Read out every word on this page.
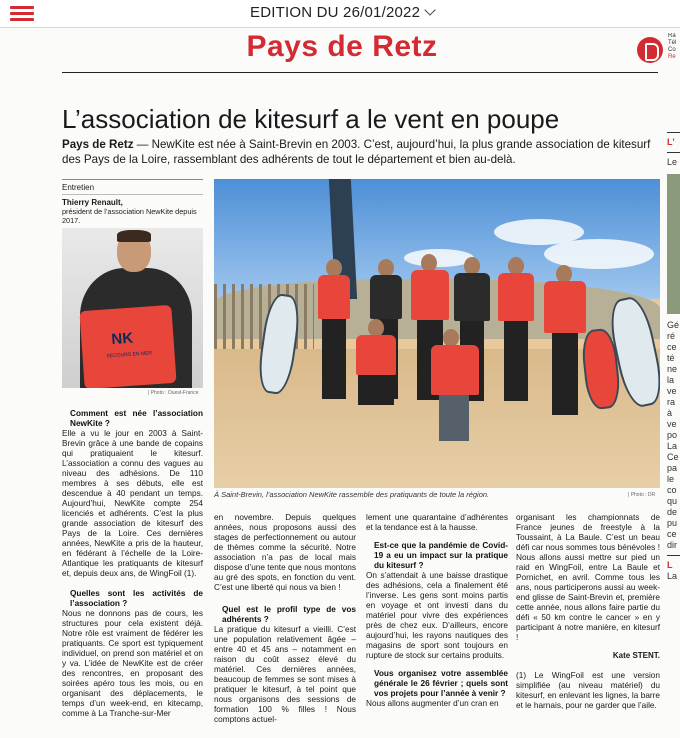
EDITION DU 26/01/2022
Pays de Retz	Rá
Tél
Co
Re
L’association de kitesurf a le vent en poupe
Pays de Retz — NewKite est née à Saint-Brevin en 2003. C’est, aujourd’hui, la plus grande association de kitesurf des Pays de la Loire, rassemblant des adhérents de tout le département et bien au-delà.
Entretien
Thierry Renault,
président de l’association NewKite depuis 2017.
NK
SECOURS EN MER
| Photo : Ouest-France
| Photo : DR
À Saint-Brevin, l’association NewKite rassemble des pratiquants de toute la région.

Comment est née l’association NewKite ?

Elle a vu le jour en 2003 à Saint-Brevin grâce à une bande de copains qui pratiquaient le kitesurf. L’association a connu des vagues au niveau des adhésions. De 110 membres à ses débuts, elle est descendue à 40 pendant un temps. Aujourd’hui, NewKite compte 254 licenciés et adhérents. C’est la plus grande association de kitesurf des Pays de la Loire. Ces dernières années, NewKite a pris de la hauteur, en fédérant à l’échelle de la Loire-Atlantique les pratiquants de kitesurf et, depuis deux ans, de WingFoil (1).

Quelles sont les activités de l’association ?

Nous ne donnons pas de cours, les structures pour cela existent déjà. Notre rôle est vraiment de fédérer les pratiquants. Ce sport est typiquement individuel, on prend son matériel et on y va. L’idée de NewKite est de créer des rencontres, en proposant des soirées apéro tous les mois, ou en organisant des déplacements, le temps d’un week-end, en kitecamp, comme à La Tranche-sur-Mer

en novembre. Depuis quelques années, nous proposons aussi des stages de perfectionnement ou autour de thèmes comme la sécurité. Notre association n’a pas de local mais dispose d’une tente que nous montons au gré des spots, en fonction du vent. C’est une liberté qui nous va bien !

Quel est le profil type de vos adhérents ?

La pratique du kitesurf a vieilli. C’est une population relativement âgée – entre 40 et 45 ans – notamment en raison du coût assez élevé du matériel. Ces dernières années, beaucoup de femmes se sont mises à pratiquer le kitesurf, à tel point que nous organisons des sessions de formation 100 % filles ! Nous comptons actuel-

lement une quarantaine d’adhérentes et la tendance est à la hausse.

Est-ce que la pandémie de Covid-19 a eu un impact sur la pratique du kitesurf ?

On s’attendait à une baisse drastique des adhésions, cela a finalement été l’inverse. Les gens sont moins partis en voyage et ont investi dans du matériel pour vivre des expériences près de chez eux. D’ailleurs, encore aujourd’hui, les rayons nautiques des magasins de sport sont toujours en rupture de stock sur certains produits.

Vous organisez votre assemblée générale le 26 février ; quels sont vos projets pour l’année à venir ?

Nous allons augmenter d’un cran en

organisant les championnats de France jeunes de freestyle à la Toussaint, à La Baule. C’est un beau défi car nous sommes tous bénévoles ! Nous allons aussi mettre sur pied un raid en WingFoil, entre La Baule et Pornichet, en avril. Comme tous les ans, nous participerons aussi au week-end glisse de Saint-Brevin et, première cette année, nous allons faire partie du défi « 50 km contre le cancer » en y participant à notre manière, en kitesurf !

Kate STENT.

(1) Le WingFoil est une version simplifiée (au niveau matériel) du kitesurf, en enlevant les lignes, la barre et le harnais, pour ne garder que l’aile.

L'
Le
Gé
ré
ce
té
ne
la
ve
ra
à
ve
po
La
Ce
pa
le
co
qu
de
pu
ce
dir
L
La
